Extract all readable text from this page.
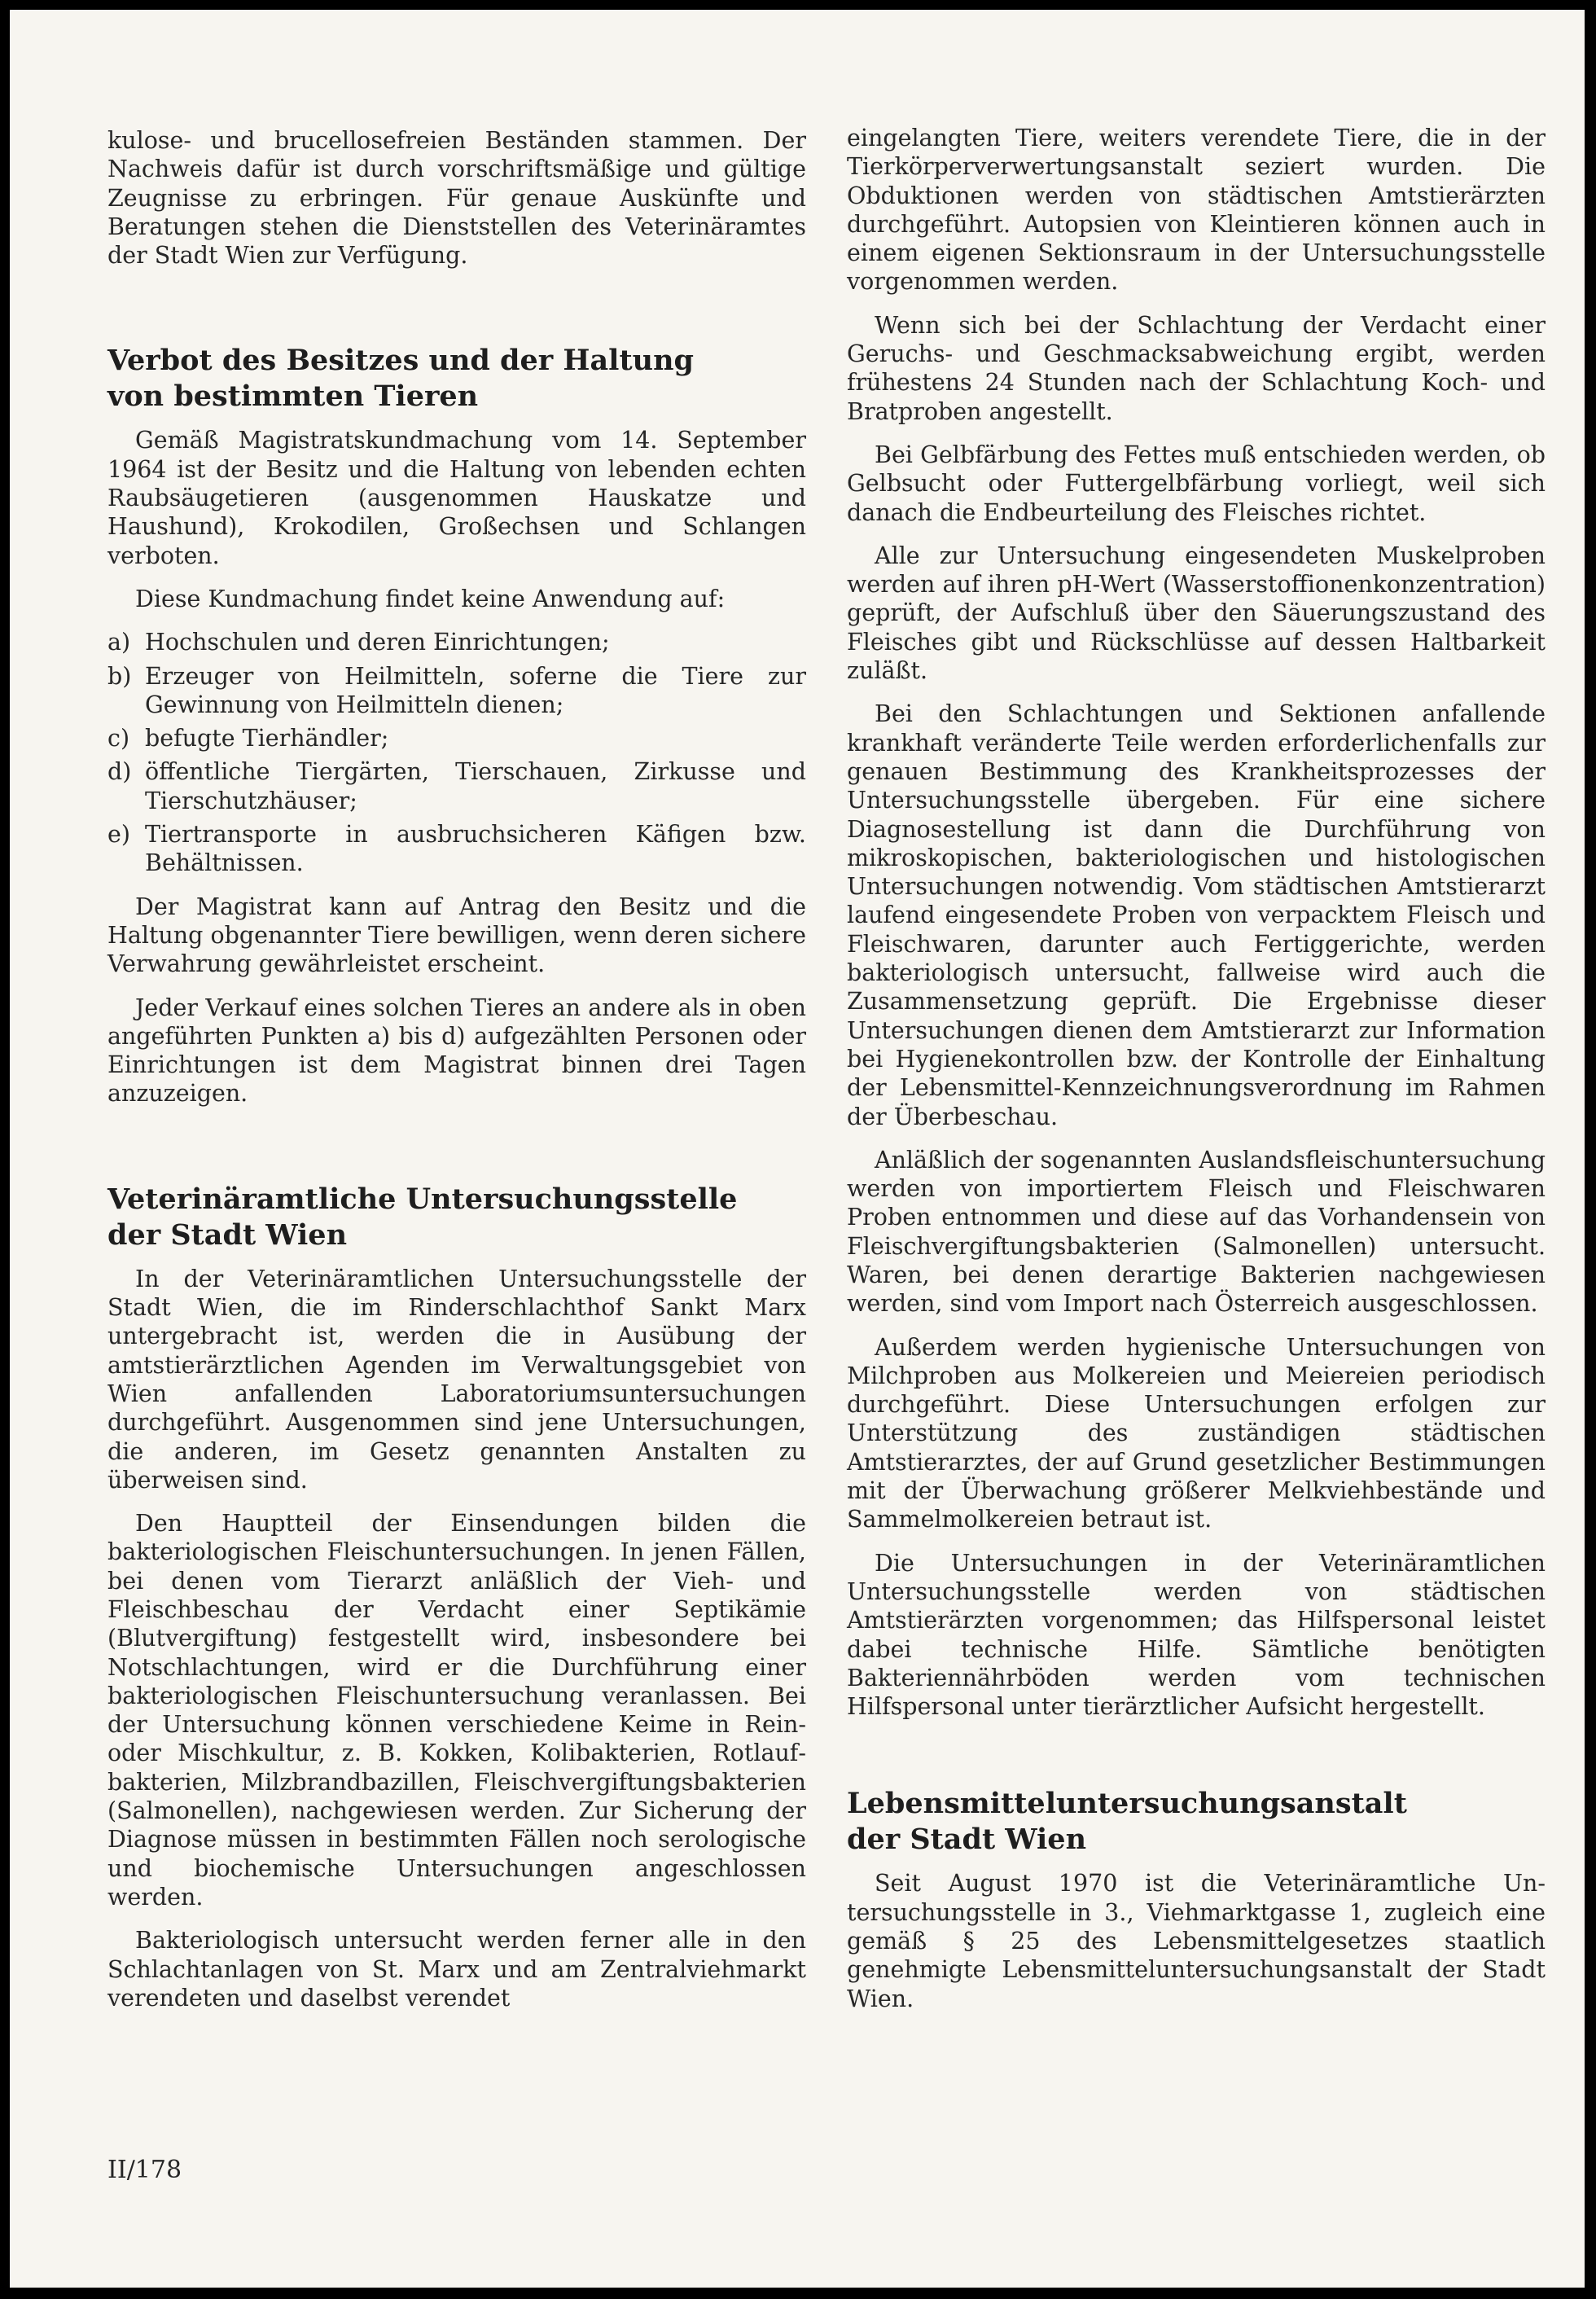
kulose- und brucellosefreien Beständen stammen. Der Nachweis dafür ist durch vorschriftsmäßige und gültige Zeugnisse zu erbringen. Für genaue Auskünfte und Beratungen stehen die Dienststellen des Veterinäramtes der Stadt Wien zur Verfügung.

Verbot des Besitzes und der Haltung
von bestimmten Tieren

Gemäß Magistratskundmachung vom 14. September 1964 ist der Besitz und die Haltung von lebenden echten Raubsäugetieren (ausgenommen Hauskatze und Haushund), Krokodilen, Großechsen und Schlangen verboten.

Diese Kundmachung findet keine Anwendung auf:

a) Hochschulen und deren Einrichtungen;
b) Erzeuger von Heilmitteln, soferne die Tiere zur Gewinnung von Heilmitteln dienen;
c) befugte Tierhändler;
d) öffentliche Tiergärten, Tierschauen, Zirkusse und Tierschutzhäuser;
e) Tiertransporte in ausbruchsicheren Käfigen bzw. Behältnissen.

Der Magistrat kann auf Antrag den Besitz und die Haltung obgenannter Tiere bewilligen, wenn deren sichere Verwahrung gewährleistet erscheint.

Jeder Verkauf eines solchen Tieres an andere als in oben angeführten Punkten a) bis d) aufgezählten Personen oder Einrichtungen ist dem Magistrat binnen drei Tagen anzuzeigen.

Veterinäramtliche Untersuchungsstelle
der Stadt Wien

In der Veterinäramtlichen Untersuchungsstelle der Stadt Wien, die im Rinderschlachthof Sankt Marx untergebracht ist, werden die in Ausübung der amtstierärztlichen Agenden im Verwaltungsgebiet von Wien anfallenden Laboratoriumsuntersuchungen durchgeführt. Ausgenommen sind jene Untersuchungen, die anderen, im Gesetz genannten Anstalten zu überweisen sind.

Den Hauptteil der Einsendungen bilden die bakteriologischen Fleischuntersuchungen. In jenen Fällen, bei denen vom Tierarzt anläßlich der Vieh- und Fleischbeschau der Verdacht einer Septikämie (Blutvergiftung) festgestellt wird, insbesondere bei Notschlachtungen, wird er die Durchführung einer bakteriologischen Fleischuntersuchung veranlassen. Bei der Untersuchung können verschiedene Keime in Rein- oder Mischkultur, z. B. Kokken, Kolibakterien, Rotlaufbakterien, Milzbrandbazillen, Fleischvergiftungsbakterien (Salmonellen), nachgewiesen werden. Zur Sicherung der Diagnose müssen in bestimmten Fällen noch serologische und biochemische Untersuchungen angeschlossen werden.

Bakteriologisch untersucht werden ferner alle in den Schlachtanlagen von St. Marx und am Zentralviehmarkt verendeten und daselbst verendet

eingelangten Tiere, weiters verendete Tiere, die in der Tierkörperverwertungsanstalt seziert wurden. Die Obduktionen werden von städtischen Amtstierärzten durchgeführt. Autopsien von Kleintieren können auch in einem eigenen Sektionsraum in der Untersuchungsstelle vorgenommen werden.

Wenn sich bei der Schlachtung der Verdacht einer Geruchs- und Geschmacksabweichung ergibt, werden frühestens 24 Stunden nach der Schlachtung Koch- und Bratproben angestellt.

Bei Gelbfärbung des Fettes muß entschieden werden, ob Gelbsucht oder Futtergelbfärbung vorliegt, weil sich danach die Endbeurteilung des Fleisches richtet.

Alle zur Untersuchung eingesendeten Muskelproben werden auf ihren pH-Wert (Wasserstoffionenkonzentration) geprüft, der Aufschluß über den Säuerungszustand des Fleisches gibt und Rückschlüsse auf dessen Haltbarkeit zuläßt.

Bei den Schlachtungen und Sektionen anfallende krankhaft veränderte Teile werden erforderlichenfalls zur genauen Bestimmung des Krankheitsprozesses der Untersuchungsstelle übergeben. Für eine sichere Diagnosestellung ist dann die Durchführung von mikroskopischen, bakteriologischen und histologischen Untersuchungen notwendig. Vom städtischen Amtstierarzt laufend eingesendete Proben von verpacktem Fleisch und Fleischwaren, darunter auch Fertiggerichte, werden bakteriologisch untersucht, fallweise wird auch die Zusammensetzung geprüft. Die Ergebnisse dieser Untersuchungen dienen dem Amtstierarzt zur Information bei Hygienekontrollen bzw. der Kontrolle der Einhaltung der Lebensmittel-Kennzeichnungsverordnung im Rahmen der Überbeschau.

Anläßlich der sogenannten Auslandsfleischuntersuchung werden von importiertem Fleisch und Fleischwaren Proben entnommen und diese auf das Vorhandensein von Fleischvergiftungsbakterien (Salmonellen) untersucht. Waren, bei denen derartige Bakterien nachgewiesen werden, sind vom Import nach Österreich ausgeschlossen.

Außerdem werden hygienische Untersuchungen von Milchproben aus Molkereien und Meiereien periodisch durchgeführt. Diese Untersuchungen erfolgen zur Unterstützung des zuständigen städtischen Amtstierarztes, der auf Grund gesetzlicher Bestimmungen mit der Überwachung größerer Melkviehbestände und Sammelmolkereien betraut ist.

Die Untersuchungen in der Veterinäramtlichen Untersuchungsstelle werden von städtischen Amtstierärzten vorgenommen; das Hilfspersonal leistet dabei technische Hilfe. Sämtliche benötigten Bakteriennährböden werden vom technischen Hilfspersonal unter tierärztlicher Aufsicht hergestellt.

Lebensmitteluntersuchungsanstalt
der Stadt Wien

Seit August 1970 ist die Veterinäramtliche Untersuchungsstelle in 3., Viehmarktgasse 1, zugleich eine gemäß § 25 des Lebensmittelgesetzes staatlich genehmigte Lebensmitteluntersuchungsanstalt der Stadt Wien.

II/178
